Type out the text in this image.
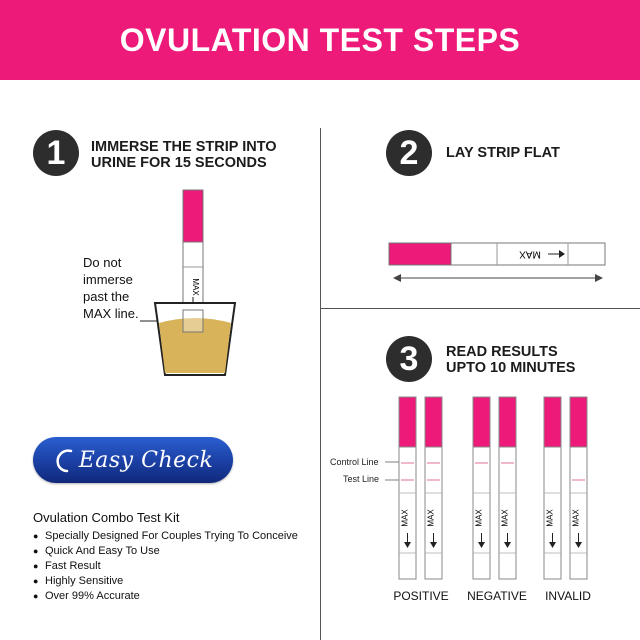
OVULATION TEST STEPS
1 IMMERSE THE STRIP INTO
URINE FOR 15 SECONDS
Do not
immerse
past the
MAX line.
MAX
Easy Check
Ovulation Combo Test Kit
● Specially Designed For Couples Trying To Conceive
● Quick And Easy To Use
● Fast Result
● Highly Sensitive
● Over 99% Accurate
2 LAY STRIP FLAT
MAX
3 READ RESULTS
UPTO 10 MINUTES
Control Line
Test Line
MAX MAX	MAX MAX	MAX MAX
POSITIVE	NEGATIVE	INVALID
